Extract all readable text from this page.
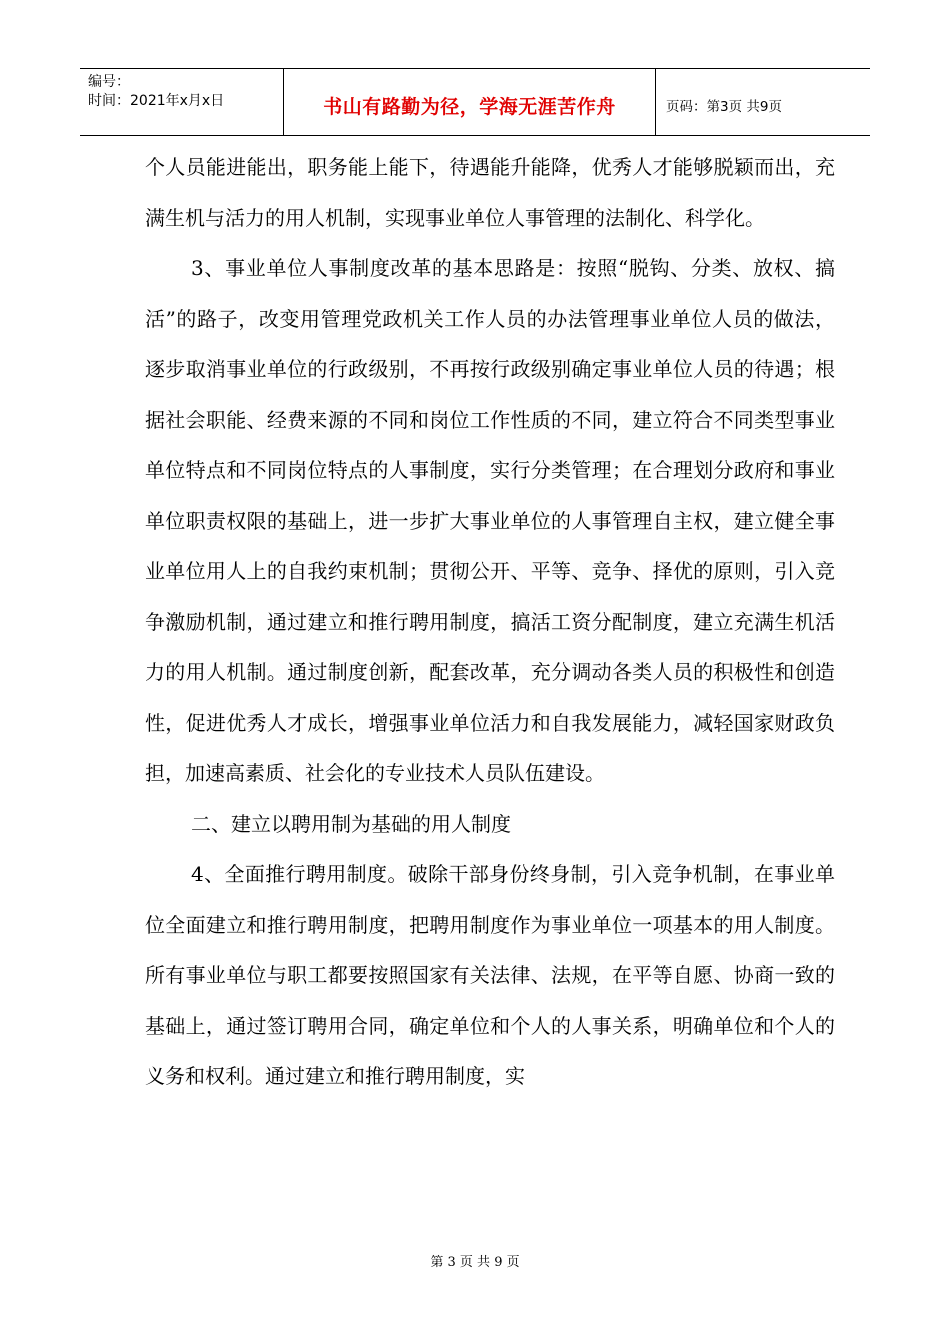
编号：
时间：2021年x月x日	书山有路勤为径，学海无涯苦作舟	页码：第3页 共9页

个人员能进能出，职务能上能下，待遇能升能降，优秀人才能够脱颖而出，充满生机与活力的用人机制，实现事业单位人事管理的法制化、科学化。

3、事业单位人事制度改革的基本思路是：按照“脱钩、分类、放权、搞活”的路子，改变用管理党政机关工作人员的办法管理事业单位人员的做法，逐步取消事业单位的行政级别，不再按行政级别确定事业单位人员的待遇；根据社会职能、经费来源的不同和岗位工作性质的不同，建立符合不同类型事业单位特点和不同岗位特点的人事制度，实行分类管理；在合理划分政府和事业单位职责权限的基础上，进一步扩大事业单位的人事管理自主权，建立健全事业单位用人上的自我约束机制；贯彻公开、平等、竞争、择优的原则，引入竞争激励机制，通过建立和推行聘用制度，搞活工资分配制度，建立充满生机活力的用人机制。通过制度创新，配套改革，充分调动各类人员的积极性和创造性，促进优秀人才成长，增强事业单位活力和自我发展能力，减轻国家财政负担，加速高素质、社会化的专业技术人员队伍建设。

二、建立以聘用制为基础的用人制度

4、全面推行聘用制度。破除干部身份终身制，引入竞争机制，在事业单位全面建立和推行聘用制度，把聘用制度作为事业单位一项基本的用人制度。所有事业单位与职工都要按照国家有关法律、法规，在平等自愿、协商一致的基础上，通过签订聘用合同，确定单位和个人的人事关系，明确单位和个人的义务和权利。通过建立和推行聘用制度，实

第 3 页 共 9 页
